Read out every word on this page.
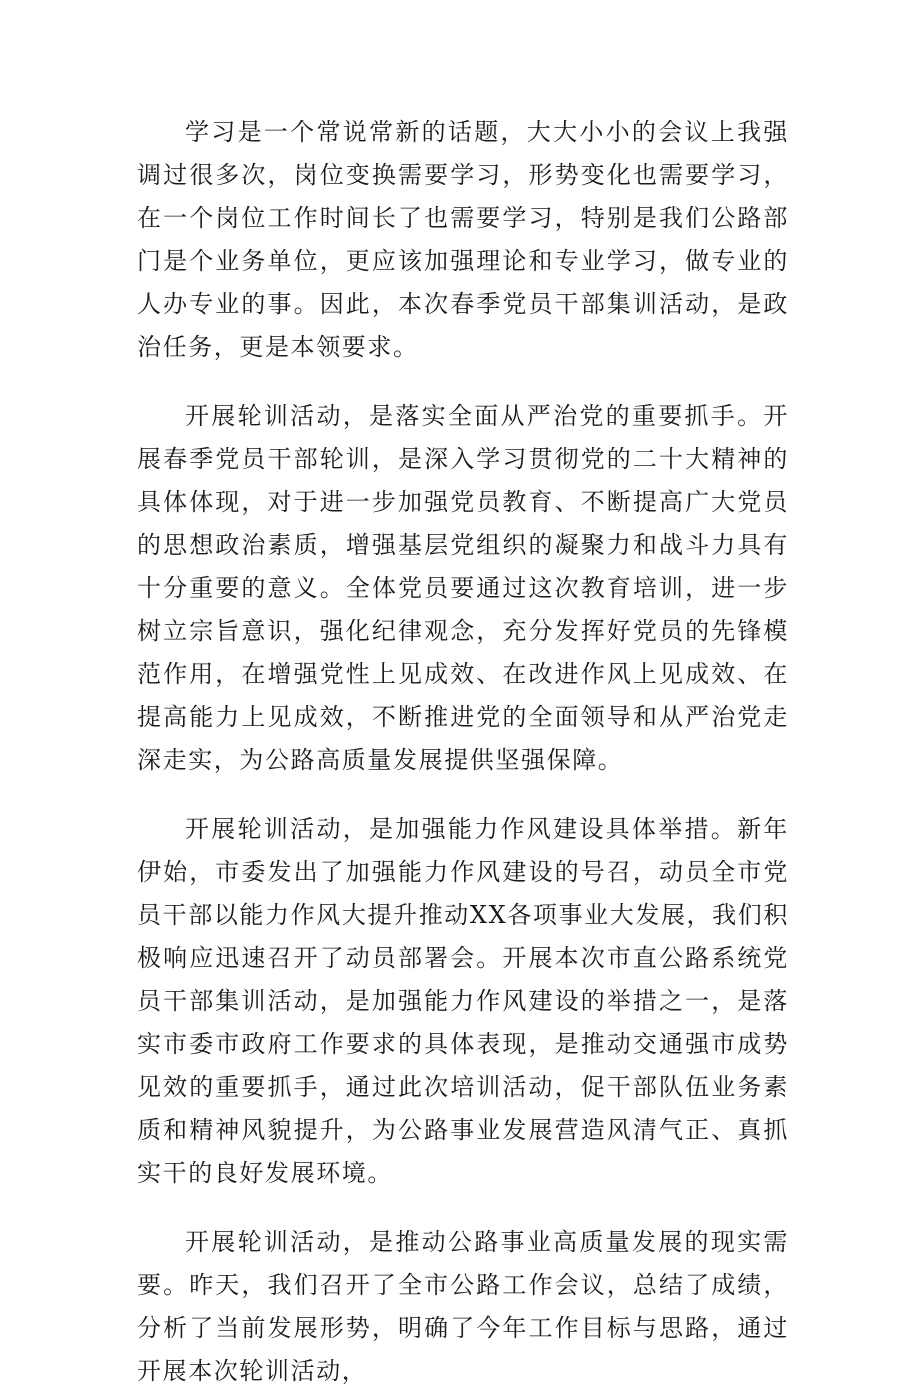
学习是一个常说常新的话题，大大小小的会议上我强调过很多次，岗位变换需要学习，形势变化也需要学习，在一个岗位工作时间长了也需要学习，特别是我们公路部门是个业务单位，更应该加强理论和专业学习，做专业的人办专业的事。因此，本次春季党员干部集训活动，是政治任务，更是本领要求。

开展轮训活动，是落实全面从严治党的重要抓手。开展春季党员干部轮训，是深入学习贯彻党的二十大精神的具体体现，对于进一步加强党员教育、不断提高广大党员的思想政治素质，增强基层党组织的凝聚力和战斗力具有十分重要的意义。全体党员要通过这次教育培训，进一步树立宗旨意识，强化纪律观念，充分发挥好党员的先锋模范作用，在增强党性上见成效、在改进作风上见成效、在提高能力上见成效，不断推进党的全面领导和从严治党走深走实，为公路高质量发展提供坚强保障。

开展轮训活动，是加强能力作风建设具体举措。新年伊始，市委发出了加强能力作风建设的号召，动员全市党员干部以能力作风大提升推动XX各项事业大发展，我们积极响应迅速召开了动员部署会。开展本次市直公路系统党员干部集训活动，是加强能力作风建设的举措之一，是落实市委市政府工作要求的具体表现，是推动交通强市成势见效的重要抓手，通过此次培训活动，促干部队伍业务素质和精神风貌提升，为公路事业发展营造风清气正、真抓实干的良好发展环境。

开展轮训活动，是推动公路事业高质量发展的现实需要。昨天，我们召开了全市公路工作会议，总结了成绩，分析了当前发展形势，明确了今年工作目标与思路，通过开展本次轮训活动，
